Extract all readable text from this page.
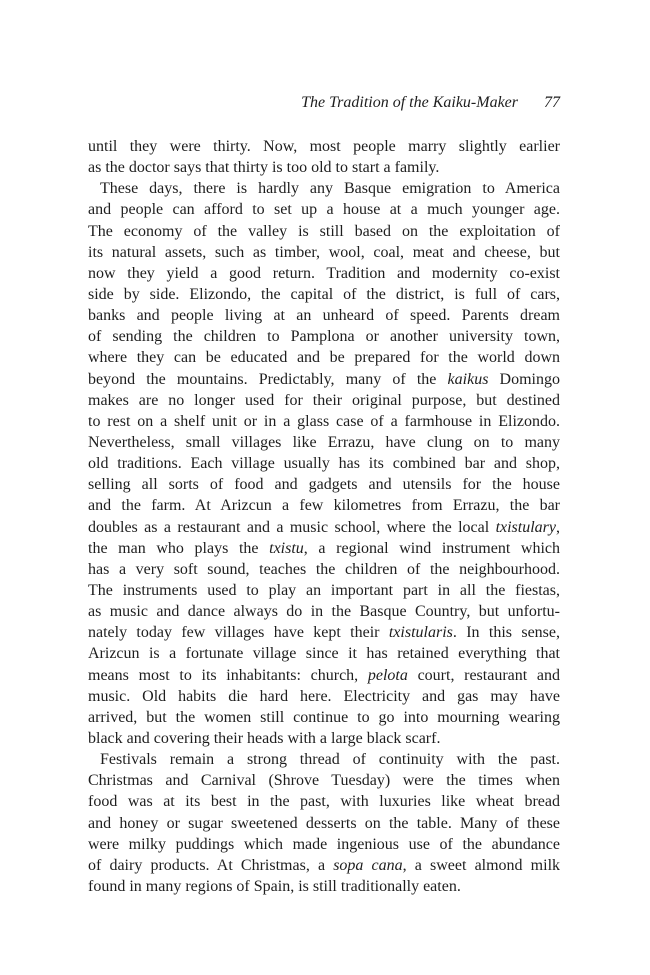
The Tradition of the Kaiku-Maker 77
until they were thirty. Now, most people marry slightly earlier
as the doctor says that thirty is too old to start a family.
These days, there is hardly any Basque emigration to America
and people can afford to set up a house at a much younger age.
The economy of the valley is still based on the exploitation of
its natural assets, such as timber, wool, coal, meat and cheese, but
now they yield a good return. Tradition and modernity co-exist
side by side. Elizondo, the capital of the district, is full of cars,
banks and people living at an unheard of speed. Parents dream
of sending the children to Pamplona or another university town,
where they can be educated and be prepared for the world down
beyond the mountains. Predictably, many of the kaikus Domingo
makes are no longer used for their original purpose, but destined
to rest on a shelf unit or in a glass case of a farmhouse in Elizondo.
Nevertheless, small villages like Errazu, have clung on to many
old traditions. Each village usually has its combined bar and shop,
selling all sorts of food and gadgets and utensils for the house
and the farm. At Arizcun a few kilometres from Errazu, the bar
doubles as a restaurant and a music school, where the local txistulary,
the man who plays the txistu, a regional wind instrument which
has a very soft sound, teaches the children of the neighbourhood.
The instruments used to play an important part in all the fiestas,
as music and dance always do in the Basque Country, but unfortu-
nately today few villages have kept their txistularis. In this sense,
Arizcun is a fortunate village since it has retained everything that
means most to its inhabitants: church, pelota court, restaurant and
music. Old habits die hard here. Electricity and gas may have
arrived, but the women still continue to go into mourning wearing
black and covering their heads with a large black scarf.
Festivals remain a strong thread of continuity with the past.
Christmas and Carnival (Shrove Tuesday) were the times when
food was at its best in the past, with luxuries like wheat bread
and honey or sugar sweetened desserts on the table. Many of these
were milky puddings which made ingenious use of the abundance
of dairy products. At Christmas, a sopa cana, a sweet almond milk
found in many regions of Spain, is still traditionally eaten.
